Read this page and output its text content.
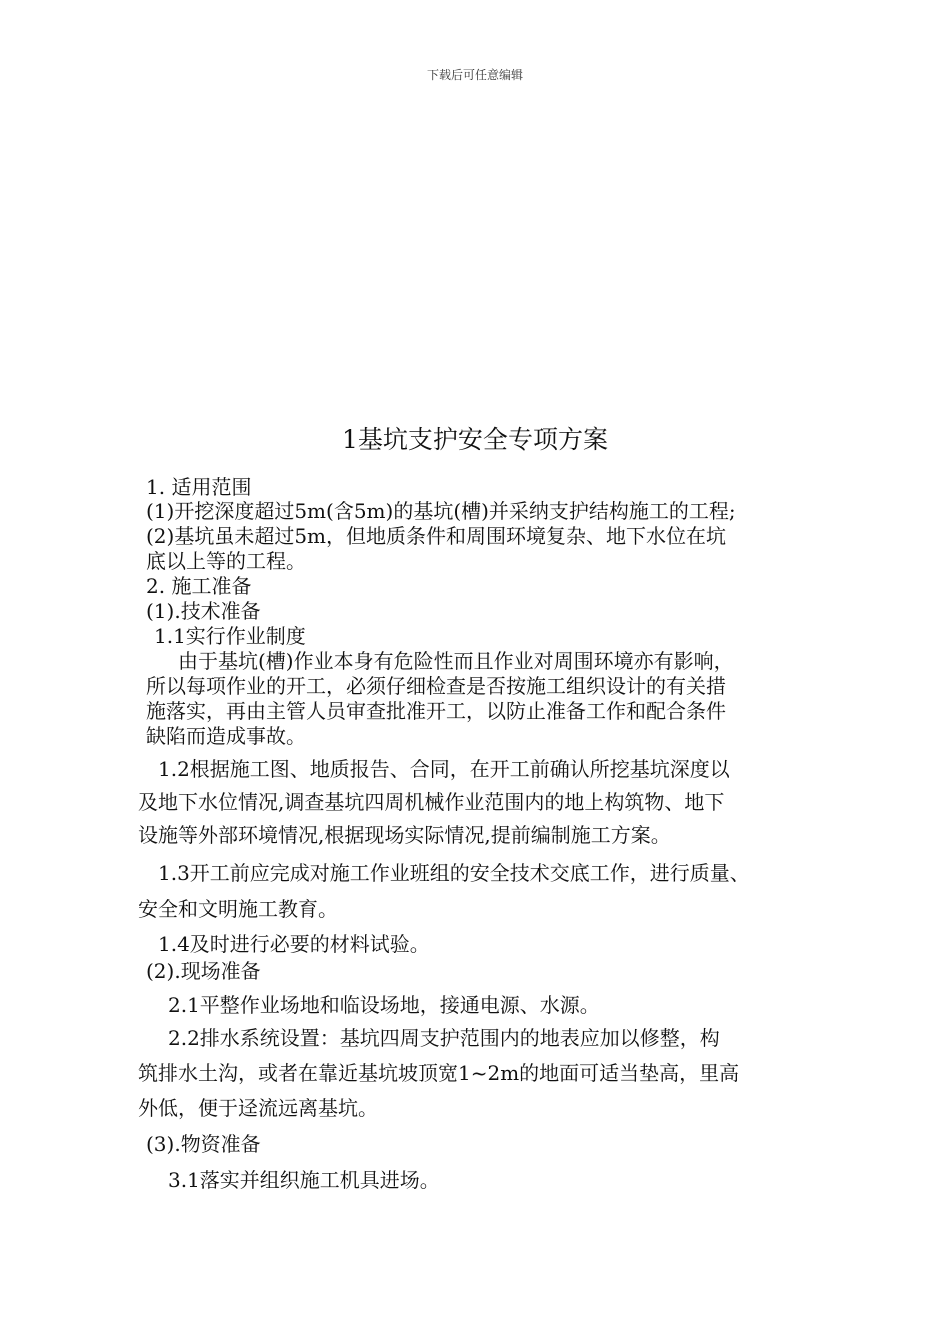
下载后可任意编辑
1基坑支护安全专项方案
1. 适用范围
(1)开挖深度超过5m(含5m)的基坑(槽)并采纳支护结构施工的工程;
(2)基坑虽未超过5m，但地质条件和周围环境复杂、地下水位在坑
底以上等的工程。
2. 施工准备
(1).技术准备
1.1实行作业制度
由于基坑(槽)作业本身有危险性而且作业对周围环境亦有影响，
所以每项作业的开工，必须仔细检查是否按施工组织设计的有关措
施落实，再由主管人员审查批准开工，以防止准备工作和配合条件
缺陷而造成事故。
1.2根据施工图、地质报告、合同，在开工前确认所挖基坑深度以
及地下水位情况,调查基坑四周机械作业范围内的地上构筑物、地下
设施等外部环境情况,根据现场实际情况,提前编制施工方案。
1.3开工前应完成对施工作业班组的安全技术交底工作，进行质量、
安全和文明施工教育。
1.4及时进行必要的材料试验。
(2).现场准备
2.1平整作业场地和临设场地，接通电源、水源。
2.2排水系统设置：基坑四周支护范围内的地表应加以修整，构
筑排水土沟，或者在靠近基坑坡顶宽1~2m的地面可适当垫高，里高
外低，便于迳流远离基坑。
(3).物资准备
3.1落实并组织施工机具进场。
